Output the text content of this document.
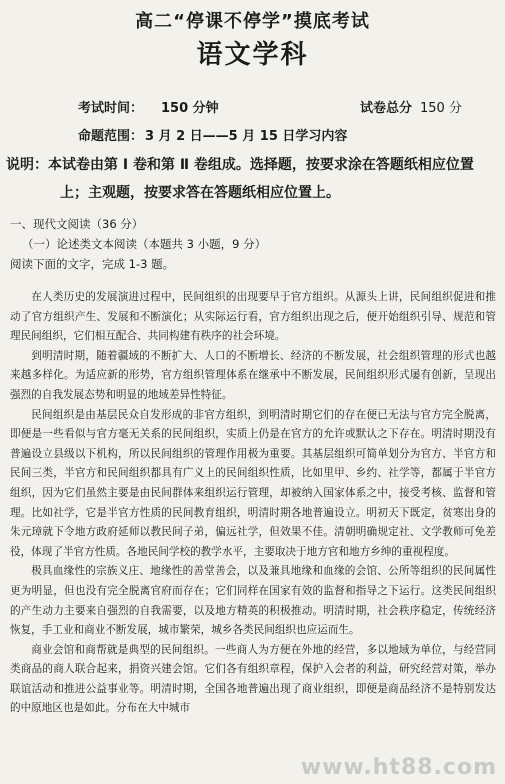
高二“停课不停学”摸底考试
语文学科
考试时间： 150 分钟	试卷总分 150 分
命题范围： 3 月 2 日——5 月 15 日学习内容
说明：本试卷由第 Ⅰ 卷和第 Ⅱ 卷组成。选择题，按要求涂在答题纸相应位置
上；主观题，按要求答在答题纸相应位置上。
一、现代文阅读（36 分）
（一）论述类文本阅读（本题共 3 小题，9 分）
阅读下面的文字，完成 1-3 题。

在人类历史的发展演进过程中，民间组织的出现要早于官方组织。从源头上讲，民间组织促进和推动了官方组织产生、发展和不断演化；从实际运行看，官方组织出现之后，便开始组织引导、规范和管理民间组织，它们相互配合、共同构建有秩序的社会环境。

到明清时期，随着疆域的不断扩大、人口的不断增长、经济的不断发展，社会组织管理的形式也越来越多样化。为适应新的形势，官方组织管理体系在继承中不断发展，民间组织形式屡有创新，呈现出强烈的自我发展态势和明显的地域差异性特征。

民间组织是由基层民众自发形成的非官方组织，到明清时期它们的存在便已无法与官方完全脱离，即便是一些看似与官方毫无关系的民间组织，实质上仍是在官方的允许或默认之下存在。明清时期没有普遍设立县级以下机构，所以民间组织的管理作用极为重要。其基层组织可简单划分为官方、半官方和民间三类，半官方和民间组织都具有广义上的民间组织性质，比如里甲、乡约、社学等，都属于半官方组织，因为它们虽然主要是由民间群体来组织运行管理，却被纳入国家体系之中，接受考核、监督和管理。比如社学，它是半官方性质的民间教育组织，明清时期各地普遍设立。明初天下既定，贫寒出身的朱元璋就下令地方政府延师以教民间子弟，偏远社学，但效果不佳。清朝明确规定社、文学教师可免差役，体现了半官方性质。各地民间学校的教学水平，主要取决于地方官和地方乡绅的重视程度。

极具血缘性的宗族义庄、地缘性的善堂善会，以及兼具地缘和血缘的会馆、公所等组织的民间属性更为明显，但也没有完全脱离官府而存在；它们同样在国家有效的监督和指导之下运行。这类民间组织的产生动力主要来自强烈的自我需要，以及地方精英的积极推动。明清时期，社会秩序稳定，传统经济恢复，手工业和商业不断发展，城市繁荣，城乡各类民间组织也应运而生。

商业会馆和商帮就是典型的民间组织。一些商人为方便在外地的经营，多以地域为单位，与经营同类商品的商人联合起来，捐资兴建会馆。它们各有组织章程，保护入会者的利益，研究经营对策，举办联谊活动和推进公益事业等。明清时期，全国各地普遍出现了商业组织，即便是商品经济不是特别发达的中原地区也是如此。分布在大中城市

www.ht88.com
